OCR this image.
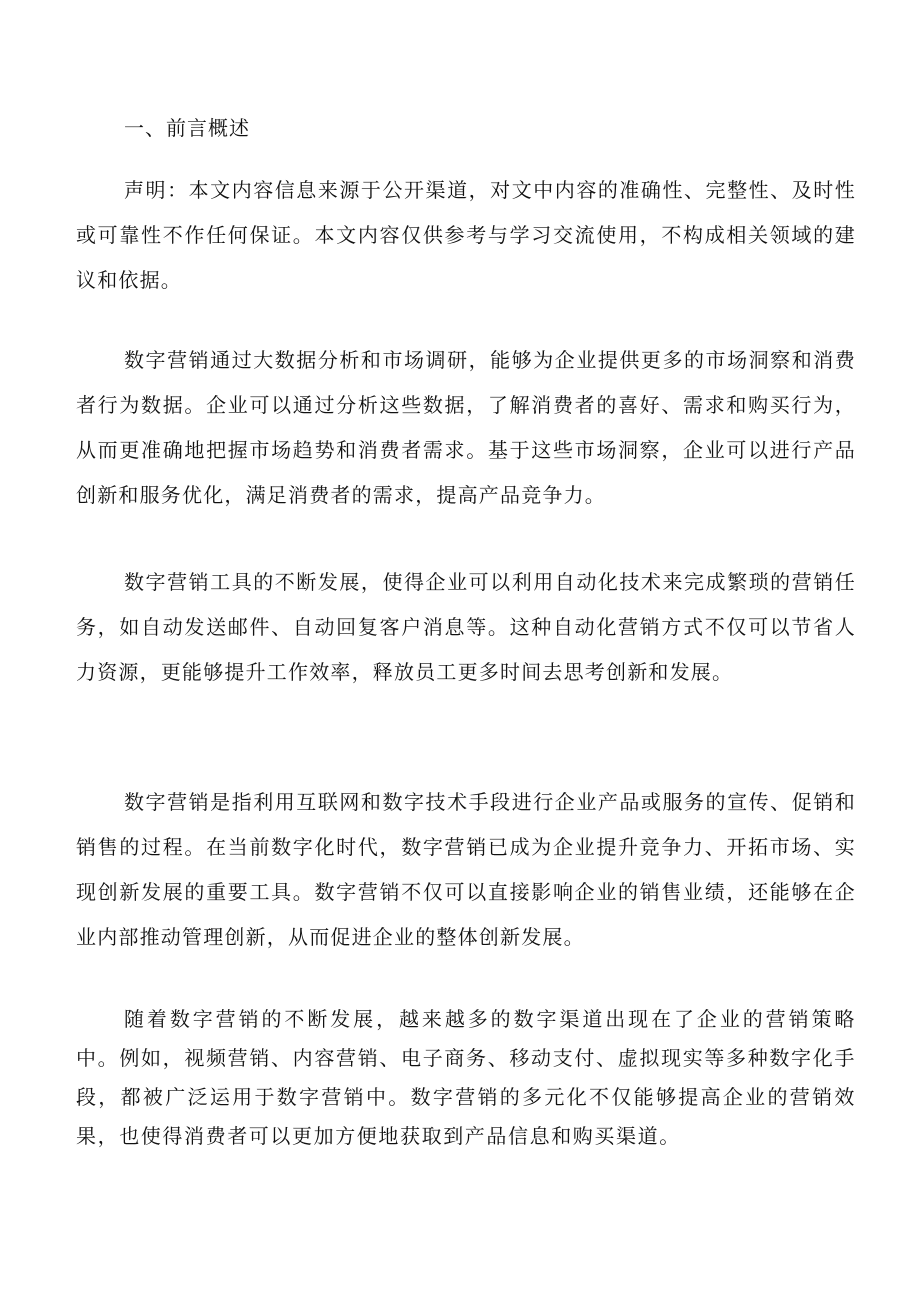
一、前言概述

声明：本文内容信息来源于公开渠道，对文中内容的准确性、完整性、及时性或可靠性不作任何保证。本文内容仅供参考与学习交流使用，不构成相关领域的建议和依据。

数字营销通过大数据分析和市场调研，能够为企业提供更多的市场洞察和消费者行为数据。企业可以通过分析这些数据，了解消费者的喜好、需求和购买行为，从而更准确地把握市场趋势和消费者需求。基于这些市场洞察，企业可以进行产品创新和服务优化，满足消费者的需求，提高产品竞争力。

数字营销工具的不断发展，使得企业可以利用自动化技术来完成繁琐的营销任务，如自动发送邮件、自动回复客户消息等。这种自动化营销方式不仅可以节省人力资源，更能够提升工作效率，释放员工更多时间去思考创新和发展。

数字营销是指利用互联网和数字技术手段进行企业产品或服务的宣传、促销和销售的过程。在当前数字化时代，数字营销已成为企业提升竞争力、开拓市场、实现创新发展的重要工具。数字营销不仅可以直接影响企业的销售业绩，还能够在企业内部推动管理创新，从而促进企业的整体创新发展。

随着数字营销的不断发展，越来越多的数字渠道出现在了企业的营销策略中。例如，视频营销、内容营销、电子商务、移动支付、虚拟现实等多种数字化手段，都被广泛运用于数字营销中。数字营销的多元化不仅能够提高企业的营销效果，也使得消费者可以更加方便地获取到产品信息和购买渠道。
